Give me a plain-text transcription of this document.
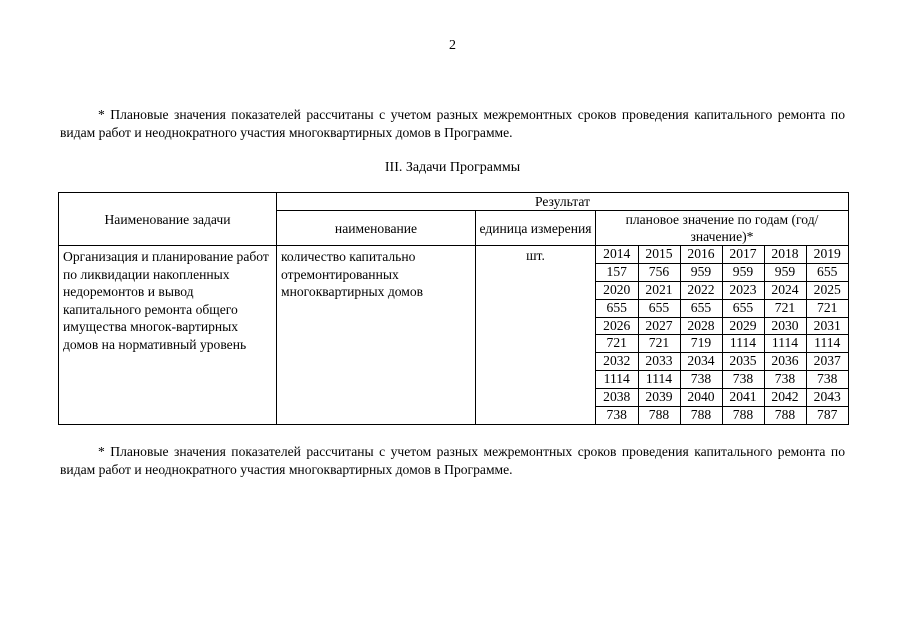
2

* Плановые значения показателей рассчитаны с учетом разных межремонтных сроков проведения капитального ремонта по видам работ и неоднократного участия многоквартирных домов в Программе.

III. Задачи Программы
Наименование задачи	Результат
наименование	единица измерения	плановое значение по годам (год/ значение)*
Организация и планирование работ по ликвидации накопленных недоремонтов и вывод капитального ремонта общего имущества многок-вартирных домов на нормативный уровень	количество капитально отремонтированных многоквартирных домов	шт.		2014	2015	2016	2017	2018	2019
157	756	959	959	959	655
2020	2021	2022	2023	2024	2025
655	655	655	655	721	721
2026	2027	2028	2029	2030	2031
721	721	719	1114	1114	1114
2032	2033	2034	2035	2036	2037
1114	1114	738	738	738	738
2038	2039	2040	2041	2042	2043
738	788	788	788	788	787

* Плановые значения показателей рассчитаны с учетом разных межремонтных сроков проведения капитального ремонта по видам работ и неоднократного участия многоквартирных домов в Программе.
